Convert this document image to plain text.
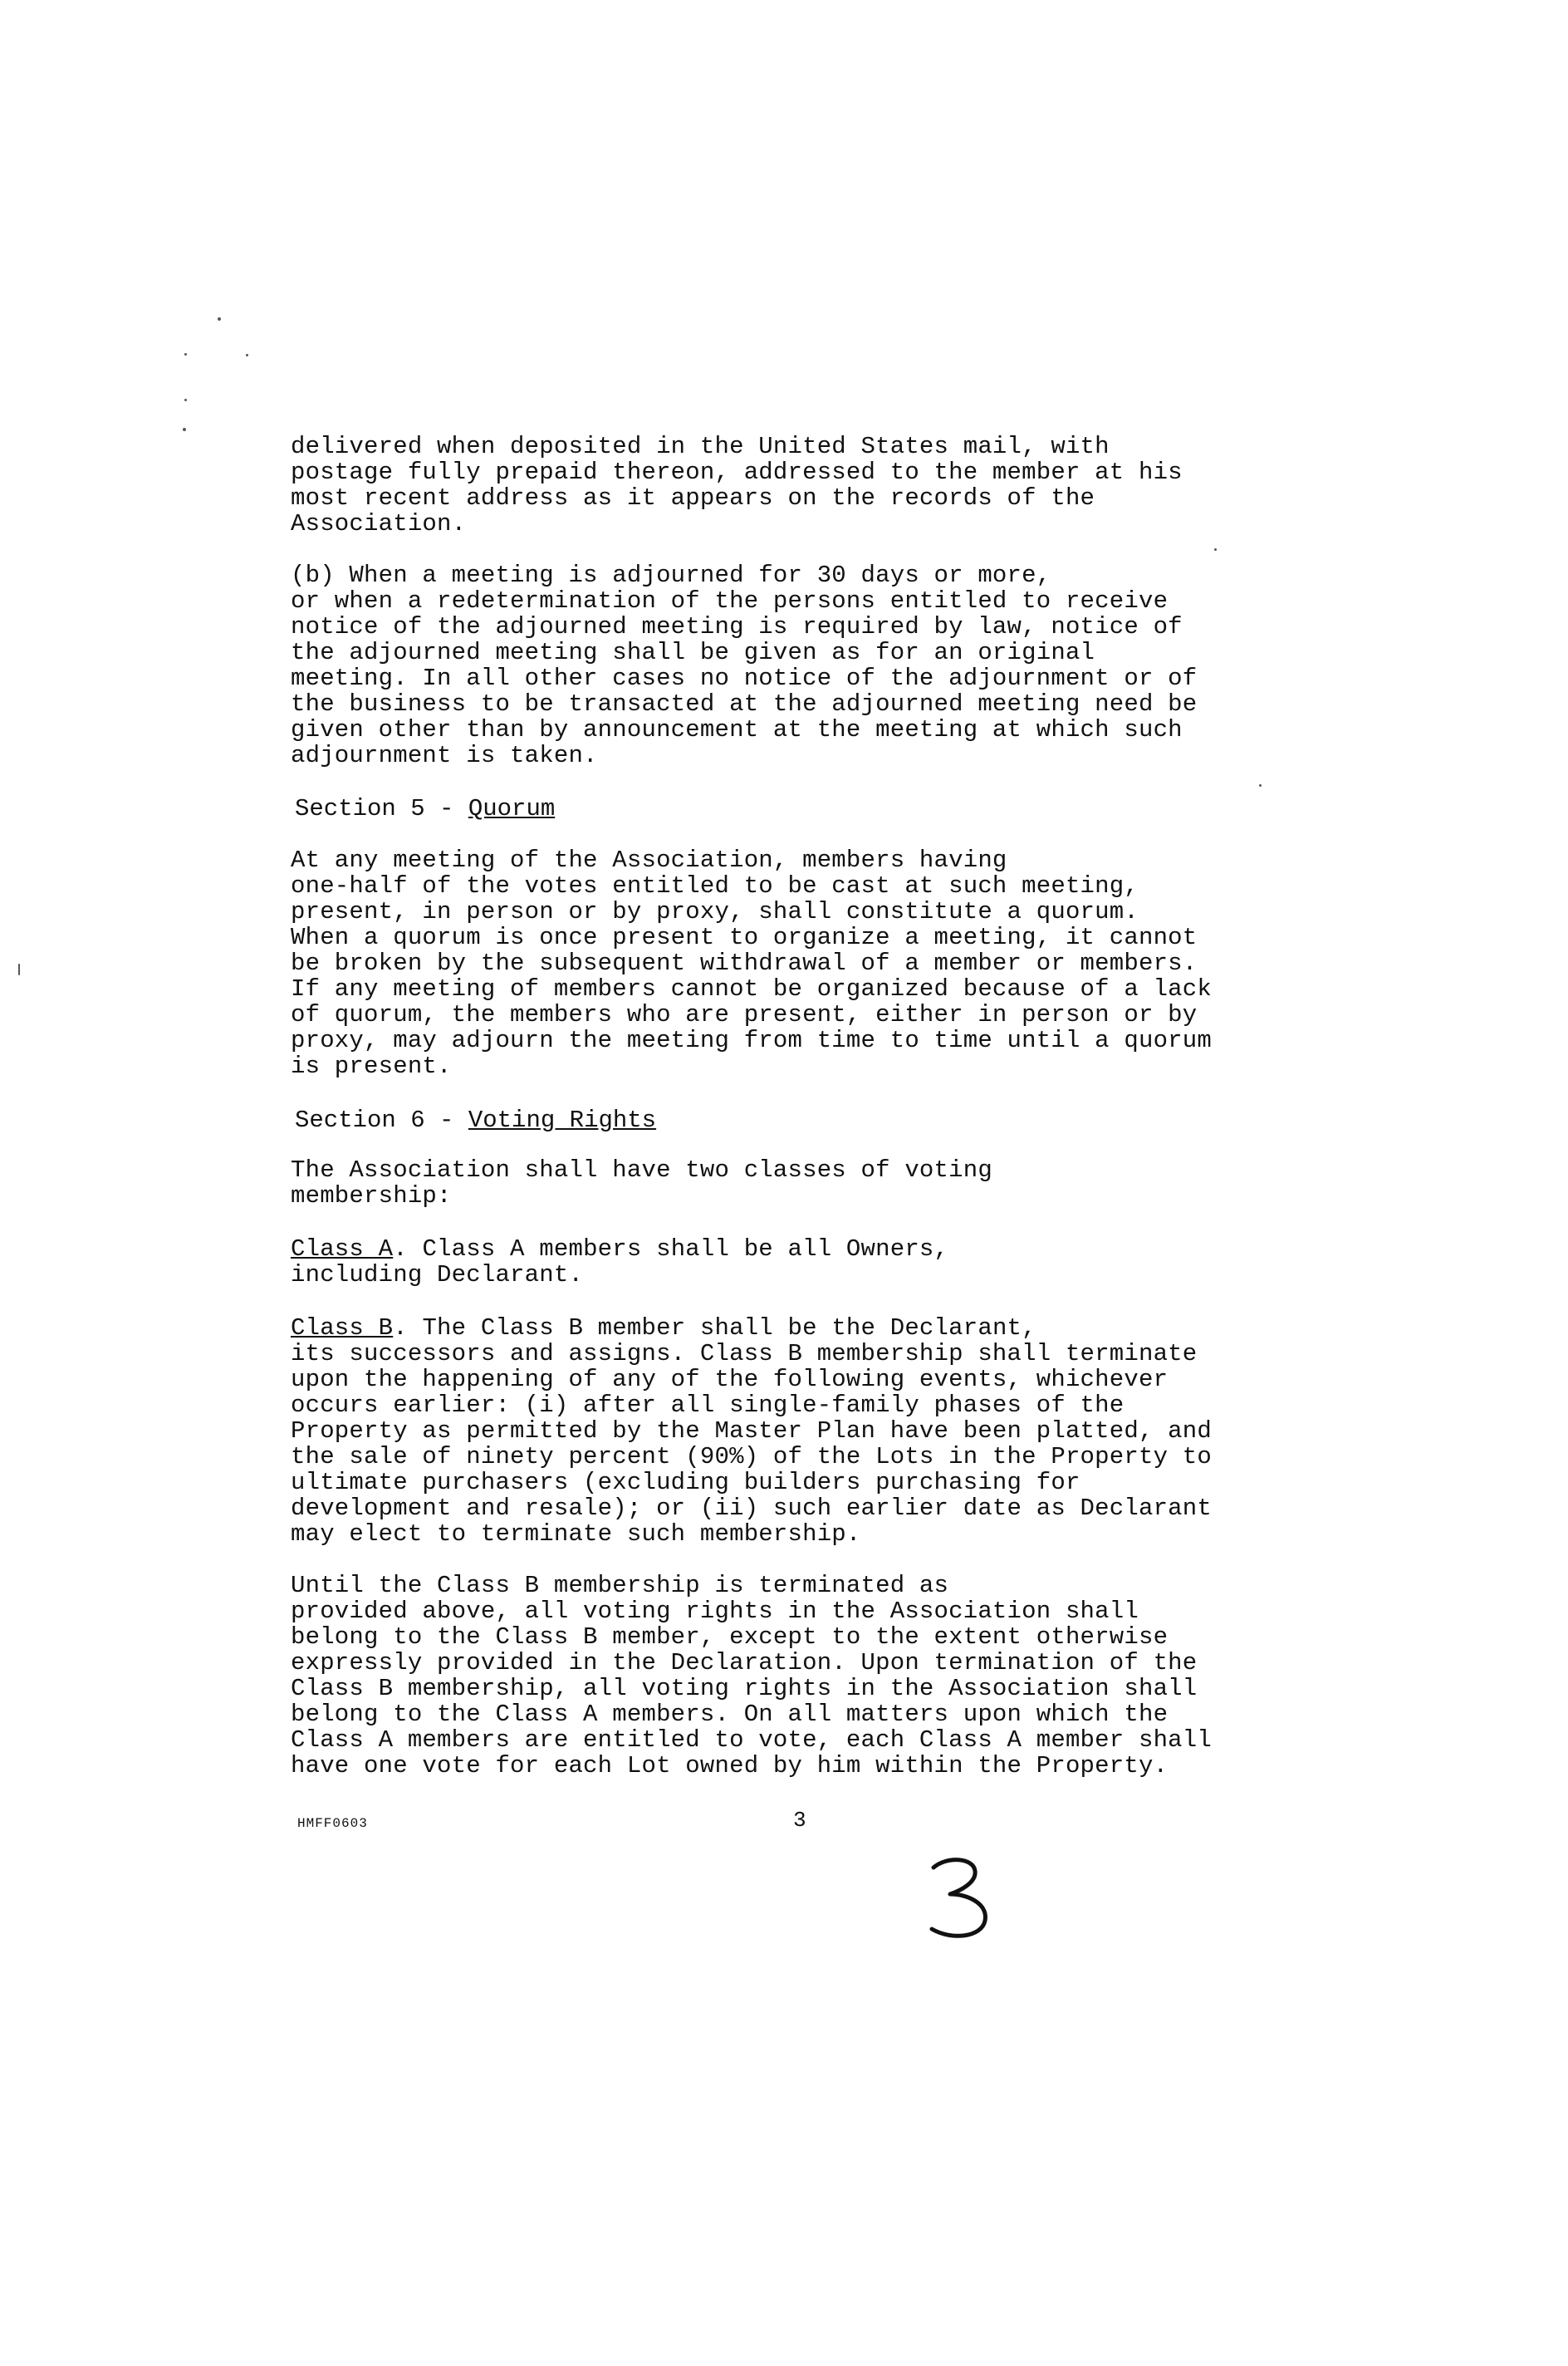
delivered when deposited in the United States mail, with
postage fully prepaid thereon, addressed to the member at his
most recent address as it appears on the records of the
Association.
(b) When a meeting is adjourned for 30 days or more,
or when a redetermination of the persons entitled to receive
notice of the adjourned meeting is required by law, notice of
the adjourned meeting shall be given as for an original
meeting. In all other cases no notice of the adjournment or of
the business to be transacted at the adjourned meeting need be
given other than by announcement at the meeting at which such
adjournment is taken.
Section 5 - Quorum
At any meeting of the Association, members having
one-half of the votes entitled to be cast at such meeting,
present, in person or by proxy, shall constitute a quorum.
When a quorum is once present to organize a meeting, it cannot
be broken by the subsequent withdrawal of a member or members.
If any meeting of members cannot be organized because of a lack
of quorum, the members who are present, either in person or by
proxy, may adjourn the meeting from time to time until a quorum
is present.
Section 6 - Voting Rights
The Association shall have two classes of voting
membership:
Class A. Class A members shall be all Owners,
including Declarant.
Class B. The Class B member shall be the Declarant,
its successors and assigns. Class B membership shall terminate
upon the happening of any of the following events, whichever
occurs earlier: (i) after all single-family phases of the
Property as permitted by the Master Plan have been platted, and
the sale of ninety percent (90%) of the Lots in the Property to
ultimate purchasers (excluding builders purchasing for
development and resale); or (ii) such earlier date as Declarant
may elect to terminate such membership.
Until the Class B membership is terminated as
provided above, all voting rights in the Association shall
belong to the Class B member, except to the extent otherwise
expressly provided in the Declaration. Upon termination of the
Class B membership, all voting rights in the Association shall
belong to the Class A members. On all matters upon which the
Class A members are entitled to vote, each Class A member shall
have one vote for each Lot owned by him within the Property.
HMFF0603	3
